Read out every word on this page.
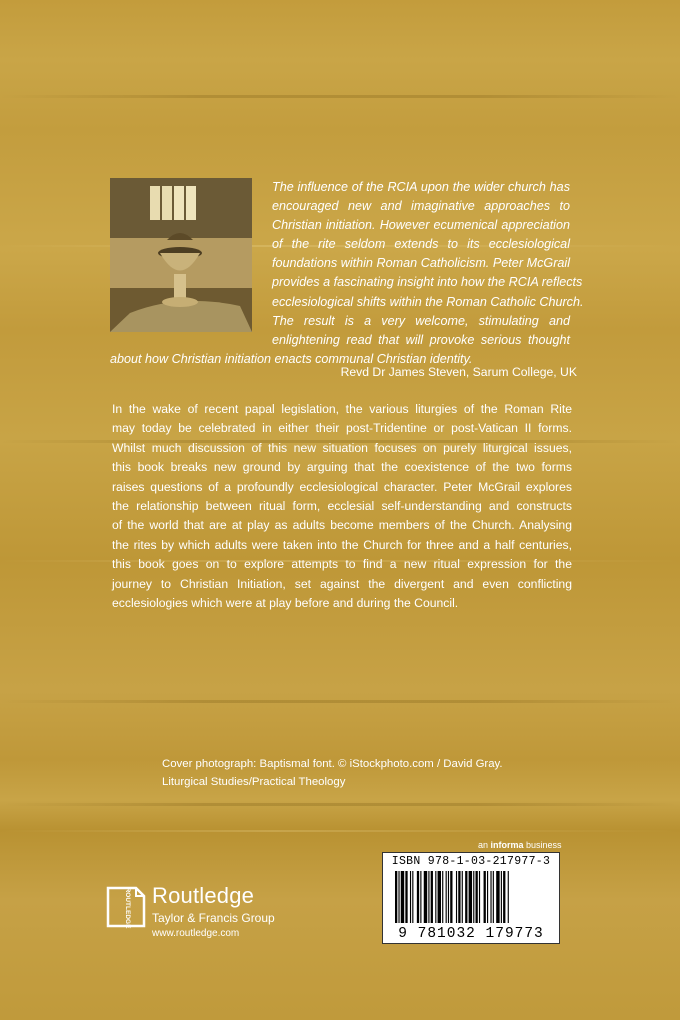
The influence of the RCIA upon the wider church has
encouraged new and imaginative approaches to
Christian initiation. However ecumenical appreciation
of the rite seldom extends to its ecclesiological
foundations within Roman Catholicism. Peter McGrail
provides a fascinating insight into how the RCIA reflects
ecclesiological shifts within the Roman Catholic Church.
The result is a very welcome, stimulating and
enlightening read that will provoke serious thought
about how Christian initiation enacts communal Christian identity.
Revd Dr James Steven, Sarum College, UK
In the wake of recent papal legislation, the various liturgies of the Roman Rite
may today be celebrated in either their post-Tridentine or post-Vatican II forms.
Whilst much discussion of this new situation focuses on purely liturgical issues,
this book breaks new ground by arguing that the coexistence of the two forms
raises questions of a profoundly ecclesiological character. Peter McGrail explores
the relationship between ritual form, ecclesial self-understanding and constructs
of the world that are at play as adults become members of the Church. Analysing
the rites by which adults were taken into the Church for three and a half centuries,
this book goes on to explore attempts to find a new ritual expression for the
journey to Christian Initiation, set against the divergent and even conflicting
ecclesiologies which were at play before and during the Council.
Cover photograph: Baptismal font. © iStockphoto.com / David Gray.
Liturgical Studies/Practical Theology
an informa business
ISBN 978-1-03-217977-3
9 781032 179773
ROUTLEDGE Routledge
Taylor & Francis Group
www.routledge.com
